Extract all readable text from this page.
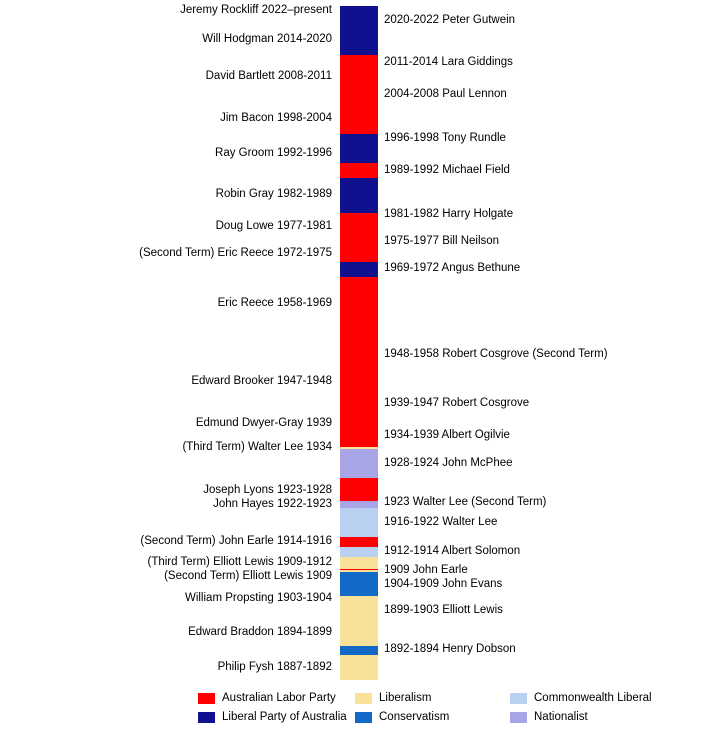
Jeremy Rockliff 2022–present
2020-2022 Peter Gutwein
Will Hodgman 2014-2020
2011-2014 Lara Giddings
David Bartlett 2008-2011
2004-2008 Paul Lennon
Jim Bacon 1998-2004
1996-1998 Tony Rundle
Ray Groom 1992-1996
1989-1992 Michael Field
Robin Gray 1982-1989
1981-1982 Harry Holgate
Doug Lowe 1977-1981
1975-1977 Bill Neilson
(Second Term) Eric Reece 1972-1975
1969-1972 Angus Bethune
Eric Reece 1958-1969
1948-1958 Robert Cosgrove (Second Term)
Edward Brooker 1947-1948
1939-1947 Robert Cosgrove
Edmund Dwyer-Gray 1939
1934-1939 Albert Ogilvie
(Third Term) Walter Lee 1934
1928-1924 John McPhee
Joseph Lyons 1923-1928
1923 Walter Lee (Second Term)
John Hayes 1922-1923
1916-1922 Walter Lee
(Second Term) John Earle 1914-1916
1912-1914 Albert Solomon
(Third Term) Elliott Lewis 1909-1912
1909 John Earle
(Second Term) Elliott Lewis 1909
1904-1909 John Evans
William Propsting 1903-1904
1899-1903 Elliott Lewis
Edward Braddon 1894-1899
1892-1894 Henry Dobson
Philip Fysh 1887-1892
Australian Labor Party	Liberalism	Commonwealth Liberal
Liberal Party of Australia	Conservatism	Nationalist
